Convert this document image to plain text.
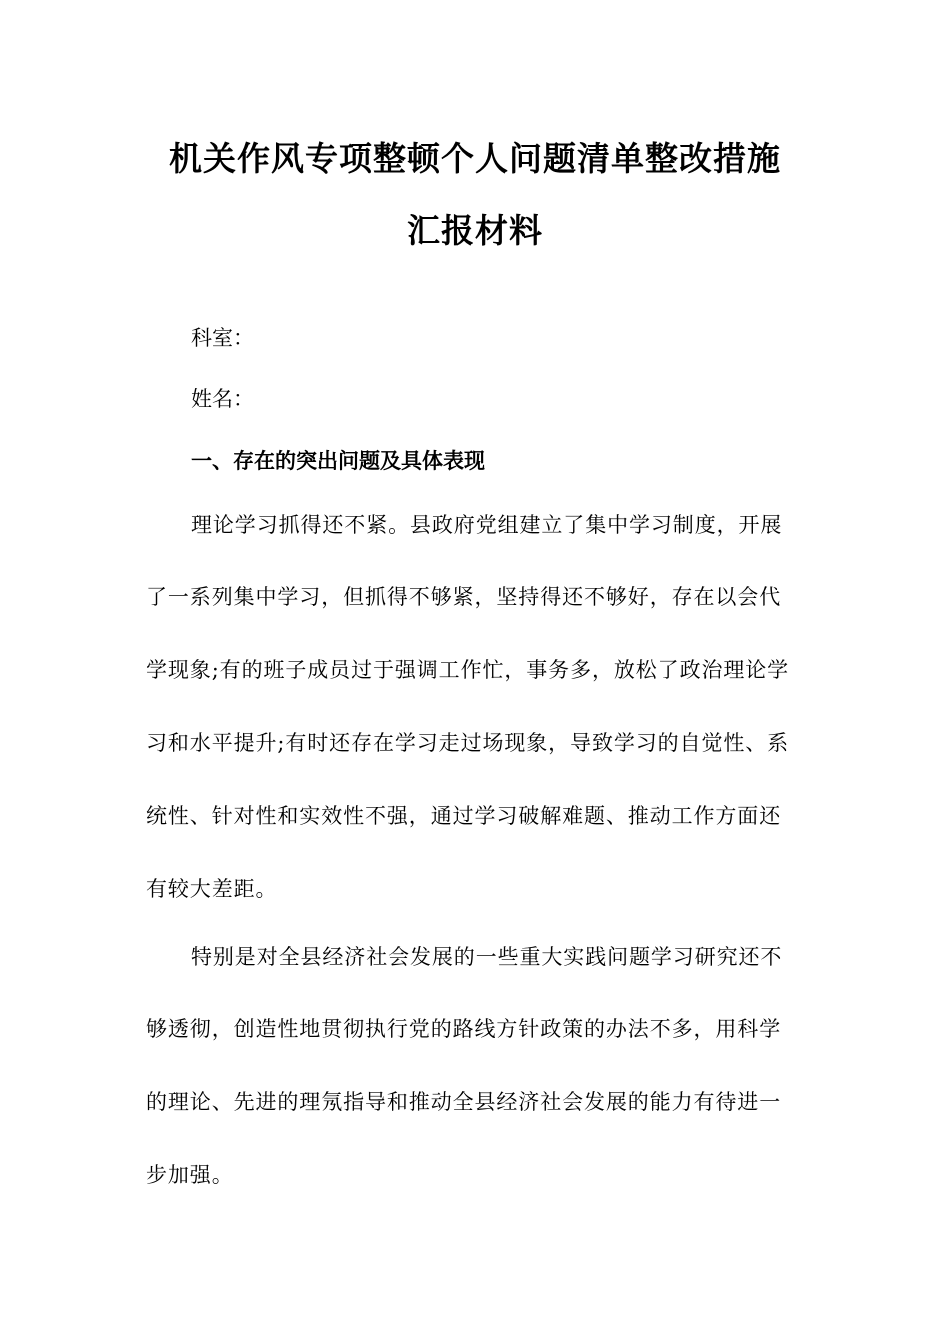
机关作风专项整顿个人问题清单整改措施
汇报材料
科室：
姓名：
一、存在的突出问题及具体表现
理论学习抓得还不紧。县政府党组建立了集中学习制度，开展
了一系列集中学习，但抓得不够紧，坚持得还不够好，存在以会代
学现象;有的班子成员过于强调工作忙，事务多，放松了政治理论学
习和水平提升;有时还存在学习走过场现象，导致学习的自觉性、系
统性、针对性和实效性不强，通过学习破解难题、推动工作方面还
有较大差距。
特别是对全县经济社会发展的一些重大实践问题学习研究还不
够透彻，创造性地贯彻执行党的路线方针政策的办法不多，用科学
的理论、先进的理氖指导和推动全县经济社会发展的能力有待进一
步加强。
